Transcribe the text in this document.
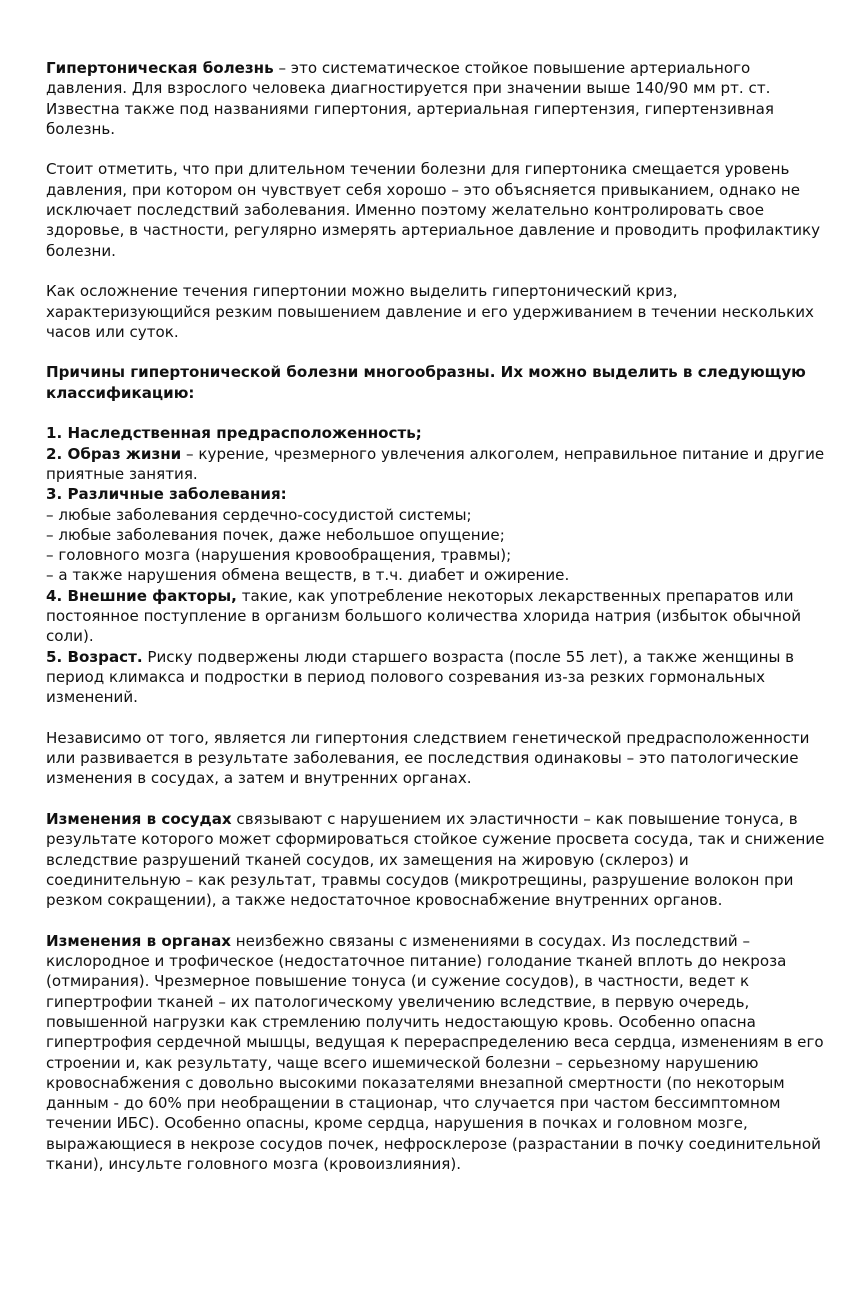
Гипертоническая болезнь – это систематическое стойкое повышение артериального давления. Для взрослого человека диагностируется при значении выше 140/90 мм рт. ст. Известна также под названиями гипертония, артериальная гипертензия, гипертензивная болезнь.

Стоит отметить, что при длительном течении болезни для гипертоника смещается уровень давления, при котором он чувствует себя хорошо – это объясняется привыканием, однако не исключает последствий заболевания. Именно поэтому желательно контролировать свое здоровье, в частности, регулярно измерять артериальное давление и проводить профилактику болезни.

Как осложнение течения гипертонии можно выделить гипертонический криз, характеризующийся резким повышением давление и его удерживанием в течении нескольких часов или суток.

Причины гипертонической болезни многообразны. Их можно выделить в следующую классификацию:

1. Наследственная предрасположенность;
2. Образ жизни – курение, чрезмерного увлечения алкоголем, неправильное питание и другие приятные занятия.
3. Различные заболевания:
– любые заболевания сердечно-сосудистой системы;
– любые заболевания почек, даже небольшое опущение;
– головного мозга (нарушения кровообращения, травмы);
– а также нарушения обмена веществ, в т.ч. диабет и ожирение.
4. Внешние факторы, такие, как употребление некоторых лекарственных препаратов или постоянное поступление в организм большого количества хлорида натрия (избыток обычной соли).
5. Возраст. Риску подвержены люди старшего возраста (после 55 лет), а также женщины в период климакса и подростки в период полового созревания из-за резких гормональных изменений.

Независимо от того, является ли гипертония следствием генетической предрасположенности или развивается в результате заболевания, ее последствия одинаковы – это патологические изменения в сосудах, а затем и внутренних органах.

Изменения в сосудах связывают с нарушением их эластичности – как повышение тонуса, в результате которого может сформироваться стойкое сужение просвета сосуда, так и снижение вследствие разрушений тканей сосудов, их замещения на жировую (склероз) и соединительную – как результат, травмы сосудов (микротрещины, разрушение волокон при резком сокращении), а также недостаточное кровоснабжение внутренних органов.

Изменения в органах неизбежно связаны с изменениями в сосудах. Из последствий – кислородное и трофическое (недостаточное питание) голодание тканей вплоть до некроза (отмирания). Чрезмерное повышение тонуса (и сужение сосудов), в частности, ведет к гипертрофии тканей – их патологическому увеличению вследствие, в первую очередь, повышенной нагрузки как стремлению получить недостающую кровь. Особенно опасна гипертрофия сердечной мышцы, ведущая к перераспределению веса сердца, изменениям в его строении и, как результату, чаще всего ишемической болезни – серьезному нарушению кровоснабжения с довольно высокими показателями внезапной смертности (по некоторым данным - до 60% при необращении в стационар, что случается при частом бессимптомном течении ИБС). Особенно опасны, кроме сердца, нарушения в почках и головном мозге, выражающиеся в некрозе сосудов почек, нефросклерозе (разрастании в почку соединительной ткани), инсульте головного мозга (кровоизлияния).
